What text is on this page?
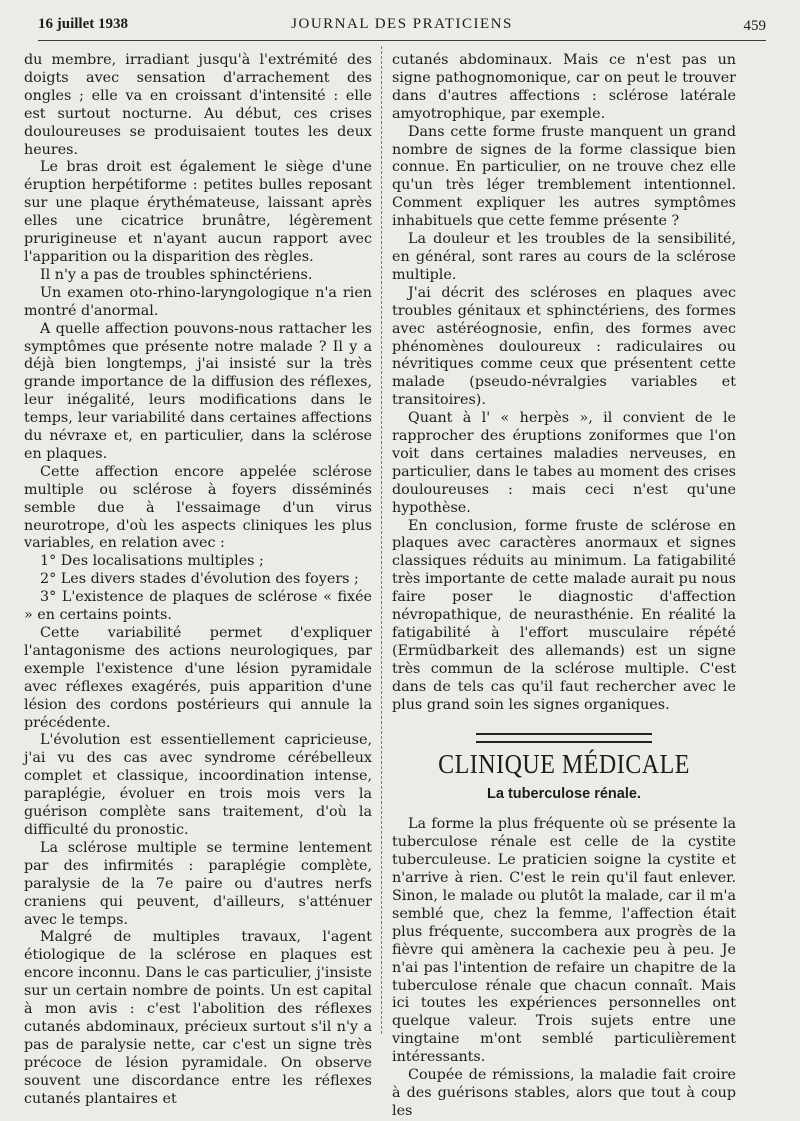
16 juillet 1938	JOURNAL DES PRATICIENS	459

du membre, irradiant jusqu'à l'extrémité des doigts avec sensation d'arrachement des ongles ; elle va en croissant d'intensité : elle est surtout nocturne. Au début, ces crises douloureuses se produisaient toutes les deux heures.

Le bras droit est également le siège d'une éruption herpétiforme : petites bulles reposant sur une plaque érythémateuse, laissant après elles une cicatrice brunâtre, légèrement prurigineuse et n'ayant aucun rapport avec l'apparition ou la disparition des règles.

Il n'y a pas de troubles sphinctériens.

Un examen oto-rhino-laryngologique n'a rien montré d'anormal.

A quelle affection pouvons-nous rattacher les symptômes que présente notre malade ? Il y a déjà bien longtemps, j'ai insisté sur la très grande importance de la diffusion des réflexes, leur inégalité, leurs modifications dans le temps, leur variabilité dans certaines affections du névraxe et, en particulier, dans la sclérose en plaques.

Cette affection encore appelée sclérose multiple ou sclérose à foyers disséminés semble due à l'essaimage d'un virus neurotrope, d'où les aspects cliniques les plus variables, en relation avec :

1° Des localisations multiples ;

2° Les divers stades d'évolution des foyers ;

3° L'existence de plaques de sclérose « fixée » en certains points.

Cette variabilité permet d'expliquer l'antagonisme des actions neurologiques, par exemple l'existence d'une lésion pyramidale avec réflexes exagérés, puis apparition d'une lésion des cordons postérieurs qui annule la précédente.

L'évolution est essentiellement capricieuse, j'ai vu des cas avec syndrome cérébelleux complet et classique, incoordination intense, paraplégie, évoluer en trois mois vers la guérison complète sans traitement, d'où la difficulté du pronostic.

La sclérose multiple se termine lentement par des infirmités : paraplégie complète, paralysie de la 7e paire ou d'autres nerfs craniens qui peuvent, d'ailleurs, s'atténuer avec le temps.

Malgré de multiples travaux, l'agent étiologique de la sclérose en plaques est encore inconnu. Dans le cas particulier, j'insiste sur un certain nombre de points. Un est capital à mon avis : c'est l'abolition des réflexes cutanés abdominaux, précieux surtout s'il n'y a pas de paralysie nette, car c'est un signe très précoce de lésion pyramidale. On observe souvent une discordance entre les réflexes cutanés plantaires et

cutanés abdominaux. Mais ce n'est pas un signe pathognomonique, car on peut le trouver dans d'autres affections : sclérose latérale amyotrophique, par exemple.

Dans cette forme fruste manquent un grand nombre de signes de la forme classique bien connue. En particulier, on ne trouve chez elle qu'un très léger tremblement intentionnel. Comment expliquer les autres symptômes inhabituels que cette femme présente ?

La douleur et les troubles de la sensibilité, en général, sont rares au cours de la sclérose multiple.

J'ai décrit des scléroses en plaques avec troubles génitaux et sphinctériens, des formes avec astéréognosie, enfin, des formes avec phénomènes douloureux : radiculaires ou névritiques comme ceux que présentent cette malade (pseudo-névralgies variables et transitoires).

Quant à l' « herpès », il convient de le rapprocher des éruptions zoniformes que l'on voit dans certaines maladies nerveuses, en particulier, dans le tabes au moment des crises douloureuses : mais ceci n'est qu'une hypothèse.

En conclusion, forme fruste de sclérose en plaques avec caractères anormaux et signes classiques réduits au minimum. La fatigabilité très importante de cette malade aurait pu nous faire poser le diagnostic d'affection névropathique, de neurasthénie. En réalité la fatigabilité à l'effort musculaire répété (Ermüdbarkeit des allemands) est un signe très commun de la sclérose multiple. C'est dans de tels cas qu'il faut rechercher avec le plus grand soin les signes organiques.

CLINIQUE MÉDICALE
La tuberculose rénale.

La forme la plus fréquente où se présente la tuberculose rénale est celle de la cystite tuberculeuse. Le praticien soigne la cystite et n'arrive à rien. C'est le rein qu'il faut enlever. Sinon, le malade ou plutôt la malade, car il m'a semblé que, chez la femme, l'affection était plus fréquente, succombera aux progrès de la fièvre qui amènera la cachexie peu à peu. Je n'ai pas l'intention de refaire un chapitre de la tuberculose rénale que chacun connaît. Mais ici toutes les expériences personnelles ont quelque valeur. Trois sujets entre une vingtaine m'ont semblé particulièrement intéressants.

Coupée de rémissions, la maladie fait croire à des guérisons stables, alors que tout à coup les
